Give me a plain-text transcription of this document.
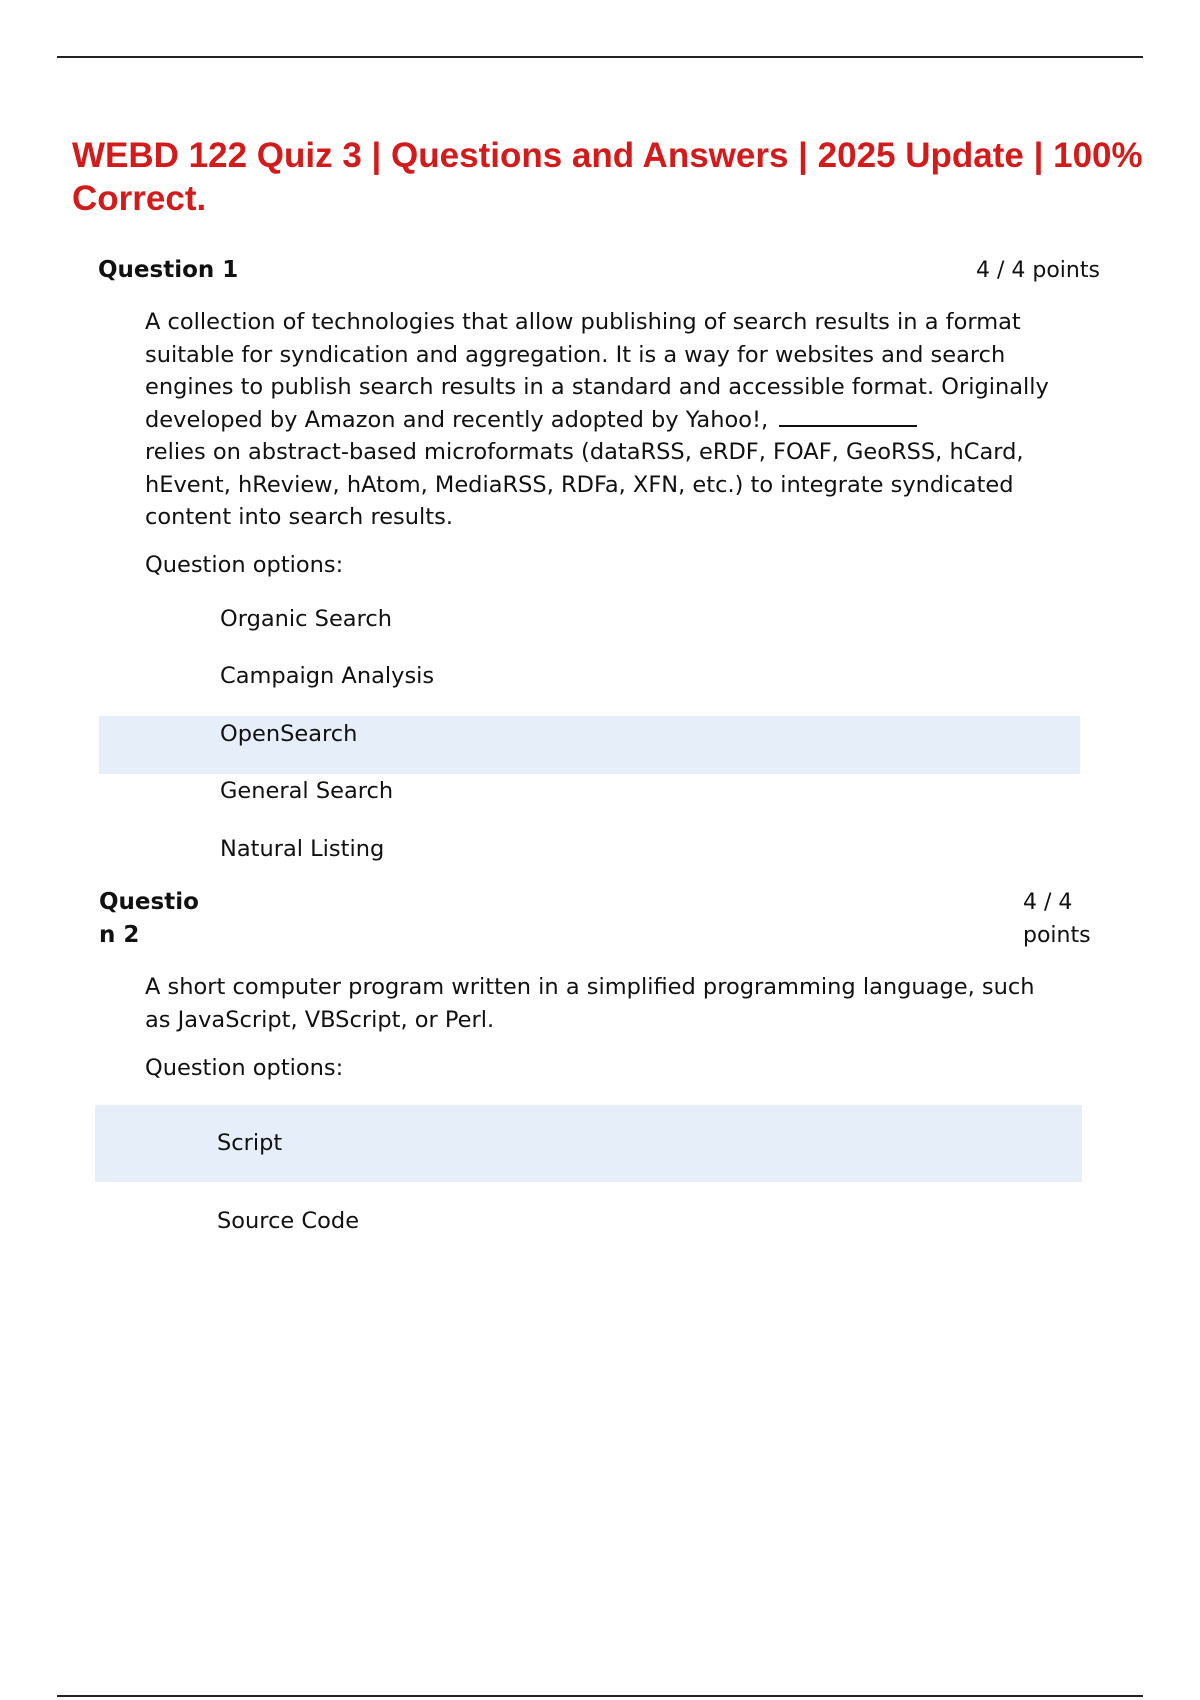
WEBD 122 Quiz 3 | Questions and Answers | 2025 Update | 100% Correct.
Question 1	4 / 4 points

A collection of technologies that allow publishing of search results in a format suitable for syndication and aggregation. It is a way for websites and search engines to publish search results in a standard and accessible format. Originally developed by Amazon and recently adopted by Yahoo!,
relies on abstract-based microformats (dataRSS, eRDF, FOAF, GeoRSS, hCard, hEvent, hReview, hAtom, MediaRSS, RDFa, XFN, etc.) to integrate syndicated content into search results.

Question options:
Organic Search
Campaign Analysis
OpenSearch
General Search
Natural Listing
Questio
n 2
4 / 4
points

A short computer program written in a simplified programming language, such as JavaScript, VBScript, or Perl.

Question options:
Script
Source Code
